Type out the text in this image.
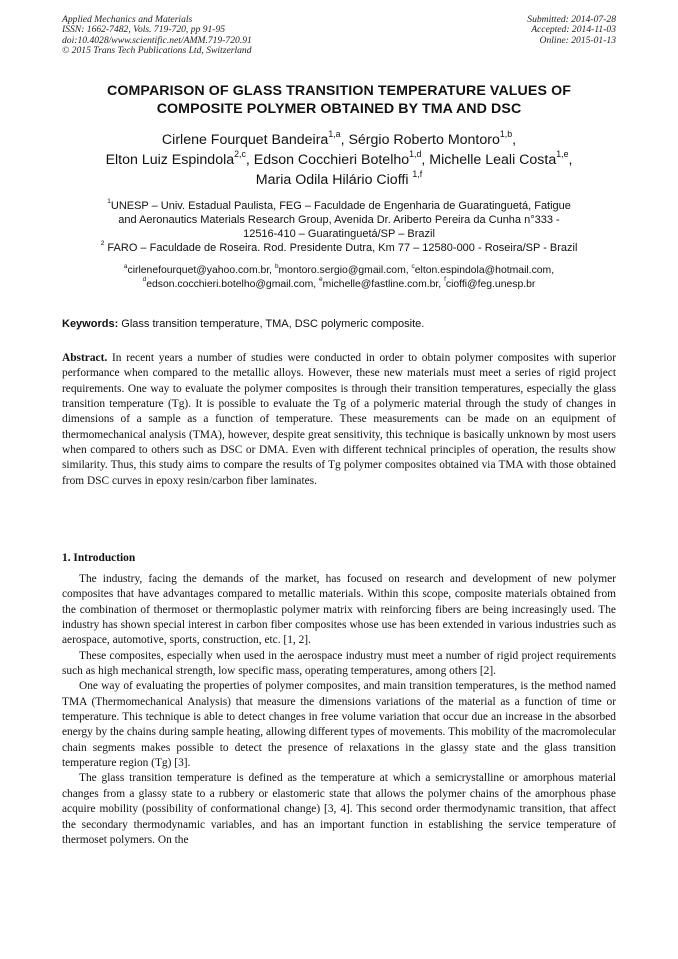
Applied Mechanics and Materials
ISSN: 1662-7482, Vols. 719-720, pp 91-95
doi:10.4028/www.scientific.net/AMM.719-720.91
© 2015 Trans Tech Publications Ltd, Switzerland
Submitted: 2014-07-28
Accepted: 2014-11-03
Online: 2015-01-13
COMPARISON OF GLASS TRANSITION TEMPERATURE VALUES OF
COMPOSITE POLYMER OBTAINED BY TMA AND DSC
Cirlene Fourquet Bandeira$^{1,a}$, Sérgio Roberto Montoro$^{1,b}$,
Elton Luiz Espindola$^{2,c}$, Edson Cocchieri Botelho$^{1,d}$, Michelle Leali Costa$^{1,e}$,
Maria Odila Hilário Cioffi $^{1,f}$
$^1$UNESP – Univ. Estadual Paulista, FEG – Faculdade de Engenharia de Guaratinguetá, Fatigue
and Aeronautics Materials Research Group, Avenida Dr. Ariberto Pereira da Cunha n°333 -
12516-410 – Guaratinguetá/SP – Brazil
$^2$ FARO – Faculdade de Roseira. Rod. Presidente Dutra, Km 77 – 12580-000 - Roseira/SP - Brazil
$^a$cirlenefourquet@yahoo.com.br, $^b$montoro.sergio@gmail.com, $^c$elton.espindola@hotmail.com,
$^d$edson.cocchieri.botelho@gmail.com, $^e$michelle@fastline.com.br, $^f$cioffi@feg.unesp.br
Keywords: Glass transition temperature, TMA, DSC polymeric composite.
Abstract. In recent years a number of studies were conducted in order to obtain polymer composites with superior performance when compared to the metallic alloys. However, these new materials must meet a series of rigid project requirements. One way to evaluate the polymer composites is through their transition temperatures, especially the glass transition temperature (Tg). It is possible to evaluate the Tg of a polymeric material through the study of changes in dimensions of a sample as a function of temperature. These measurements can be made on an equipment of thermomechanical analysis (TMA), however, despite great sensitivity, this technique is basically unknown by most users when compared to others such as DSC or DMA. Even with different technical principles of operation, the results show similarity. Thus, this study aims to compare the results of Tg polymer composites obtained via TMA with those obtained from DSC curves in epoxy resin/carbon fiber laminates.
1. Introduction

The industry, facing the demands of the market, has focused on research and development of new polymer composites that have advantages compared to metallic materials. Within this scope, composite materials obtained from the combination of thermoset or thermoplastic polymer matrix with reinforcing fibers are being increasingly used. The industry has shown special interest in carbon fiber composites whose use has been extended in various industries such as aerospace, automotive, sports, construction, etc. [1, 2].

These composites, especially when used in the aerospace industry must meet a number of rigid project requirements such as high mechanical strength, low specific mass, operating temperatures, among others [2].

One way of evaluating the properties of polymer composites, and main transition temperatures, is the method named TMA (Thermomechanical Analysis) that measure the dimensions variations of the material as a function of time or temperature. This technique is able to detect changes in free volume variation that occur due an increase in the absorbed energy by the chains during sample heating, allowing different types of movements. This mobility of the macromolecular chain segments makes possible to detect the presence of relaxations in the glassy state and the glass transition temperature region (Tg) [3].

The glass transition temperature is defined as the temperature at which a semicrystalline or amorphous material changes from a glassy state to a rubbery or elastomeric state that allows the polymer chains of the amorphous phase acquire mobility (possibility of conformational change) [3, 4]. This second order thermodynamic transition, that affect the secondary thermodynamic variables, and has an important function in establishing the service temperature of thermoset polymers. On the
